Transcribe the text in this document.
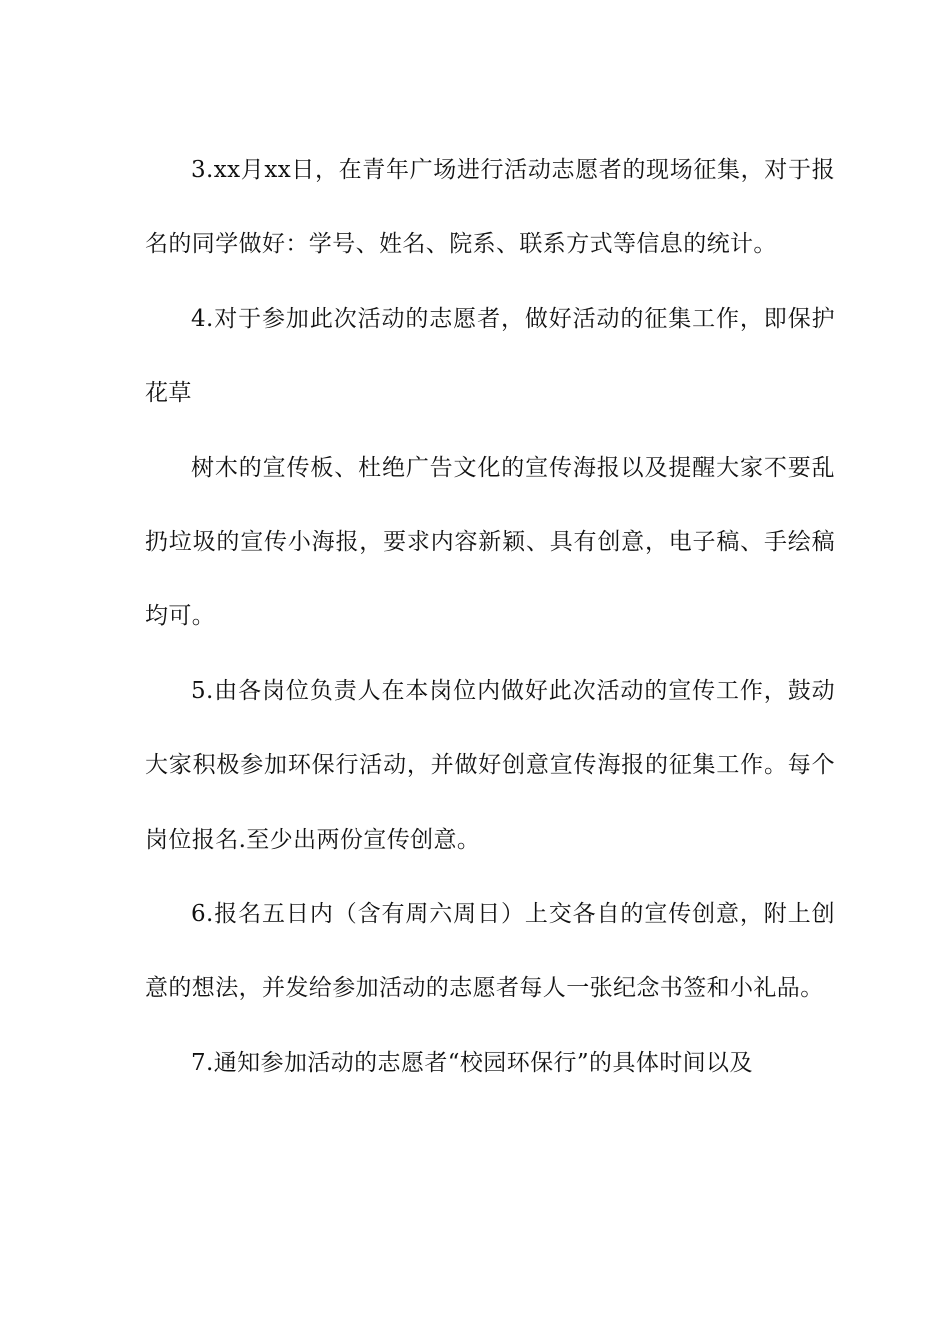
3.xx月xx日，在青年广场进行活动志愿者的现场征集，对于报名的同学做好：学号、姓名、院系、联系方式等信息的统计。

4.对于参加此次活动的志愿者，做好活动的征集工作，即保护花草

树木的宣传板、杜绝广告文化的宣传海报以及提醒大家不要乱扔垃圾的宣传小海报，要求内容新颖、具有创意，电子稿、手绘稿均可。

5.由各岗位负责人在本岗位内做好此次活动的宣传工作，鼓动大家积极参加环保行活动，并做好创意宣传海报的征集工作。每个岗位报名.至少出两份宣传创意。

6.报名五日内（含有周六周日）上交各自的宣传创意，附上创意的想法，并发给参加活动的志愿者每人一张纪念书签和小礼品。

7.通知参加活动的志愿者“校园环保行”的具体时间以及
